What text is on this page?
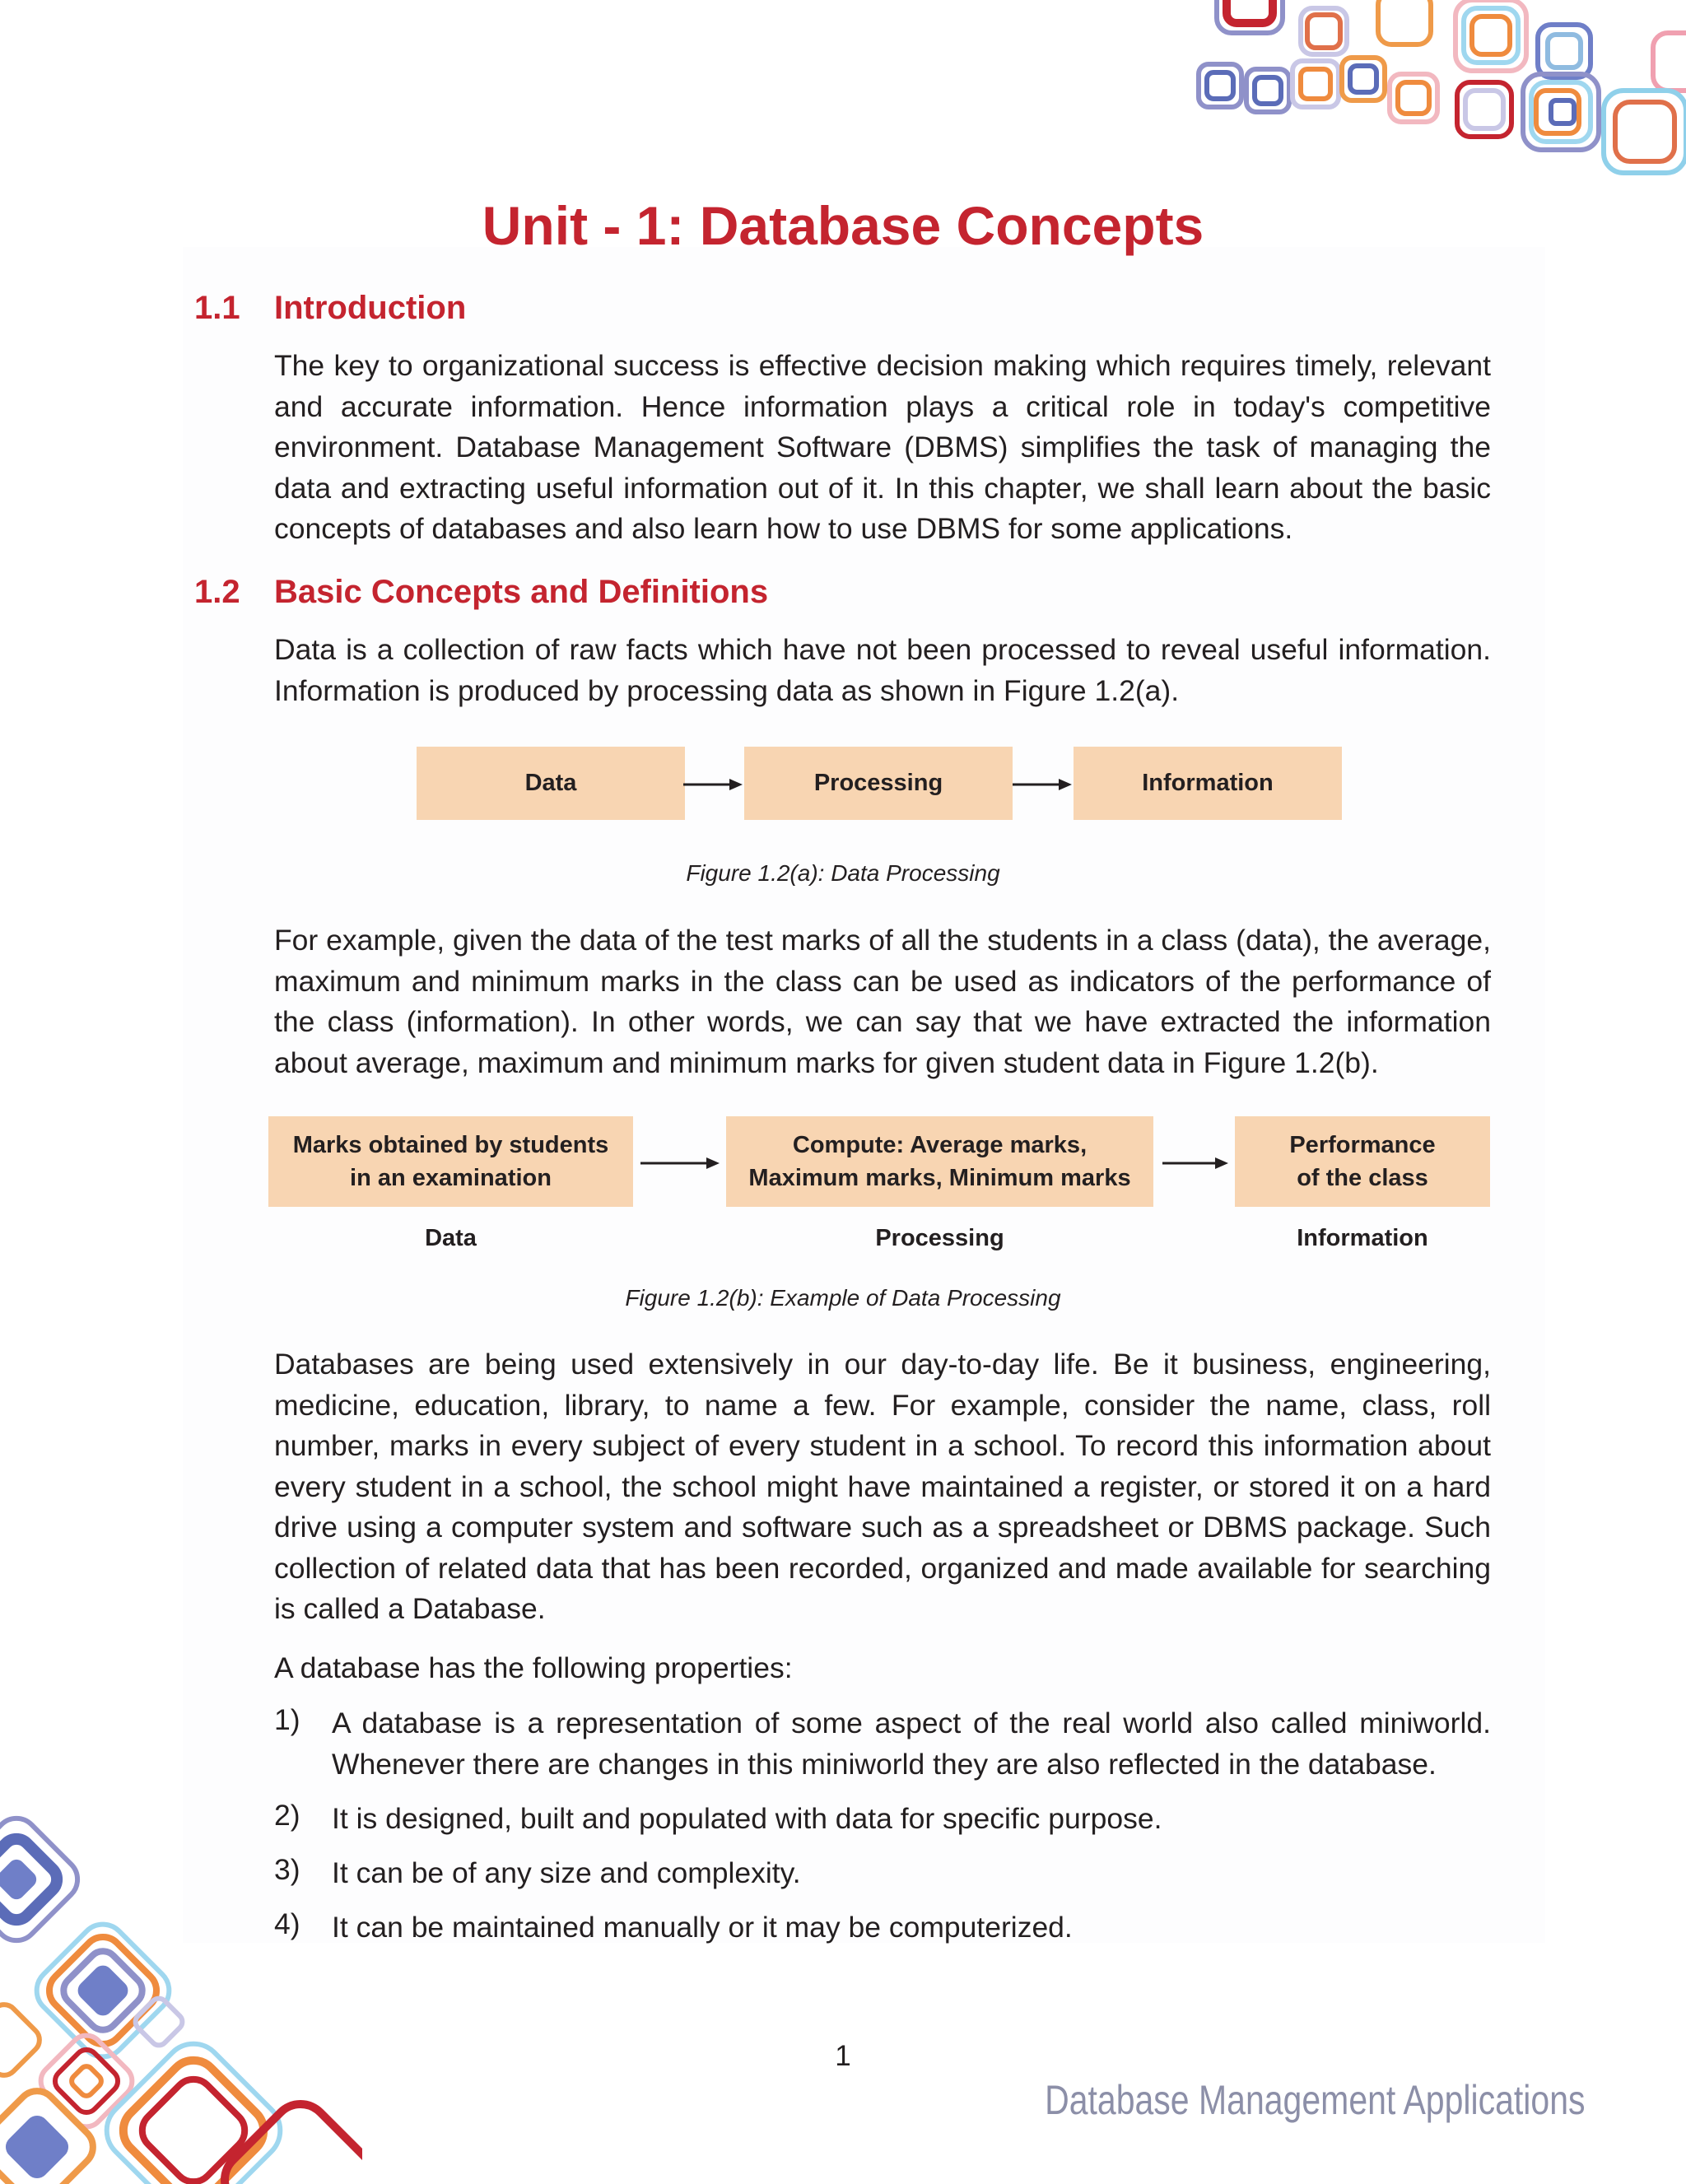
Unit - 1: Database Concepts
1.1 Introduction

The key to organizational success is effective decision making which requires timely, relevant and accurate information. Hence information plays a critical role in today's competitive environment. Database Management Software (DBMS) simplifies the task of managing the data and extracting useful information out of it. In this chapter, we shall learn about the basic concepts of databases and also learn how to use DBMS for some applications.

1.2 Basic Concepts and Definitions

Data is a collection of raw facts which have not been processed to reveal useful information. Information is produced by processing data as shown in Figure 1.2(a).

Data	Processing	Information
Figure 1.2(a): Data Processing

For example, given the data of the test marks of all the students in a class (data), the average, maximum and minimum marks in the class can be used as indicators of the performance of the class (information). In other words, we can say that we have extracted the information about average, maximum and minimum marks for given student data in Figure 1.2(b).

Marks obtained by students
in an examination
Compute: Average marks,
Maximum marks, Minimum marks
Performance
of the class
Data	Processing	Information
Figure 1.2(b): Example of Data Processing

Databases are being used extensively in our day-to-day life. Be it business, engineering, medicine, education, library, to name a few. For example, consider the name, class, roll number, marks in every subject of every student in a school. To record this information about every student in a school, the school might have maintained a register, or stored it on a hard drive using a computer system and software such as a spreadsheet or DBMS package. Such collection of related data that has been recorded, organized and made available for searching is called a Database.

A database has the following properties:

1) A database is a representation of some aspect of the real world also called miniworld. Whenever there are changes in this miniworld they are also reflected in the database.

2) It is designed, built and populated with data for specific purpose.

3) It can be of any size and complexity.

4) It can be maintained manually or it may be computerized.

1
Database Management Applications
